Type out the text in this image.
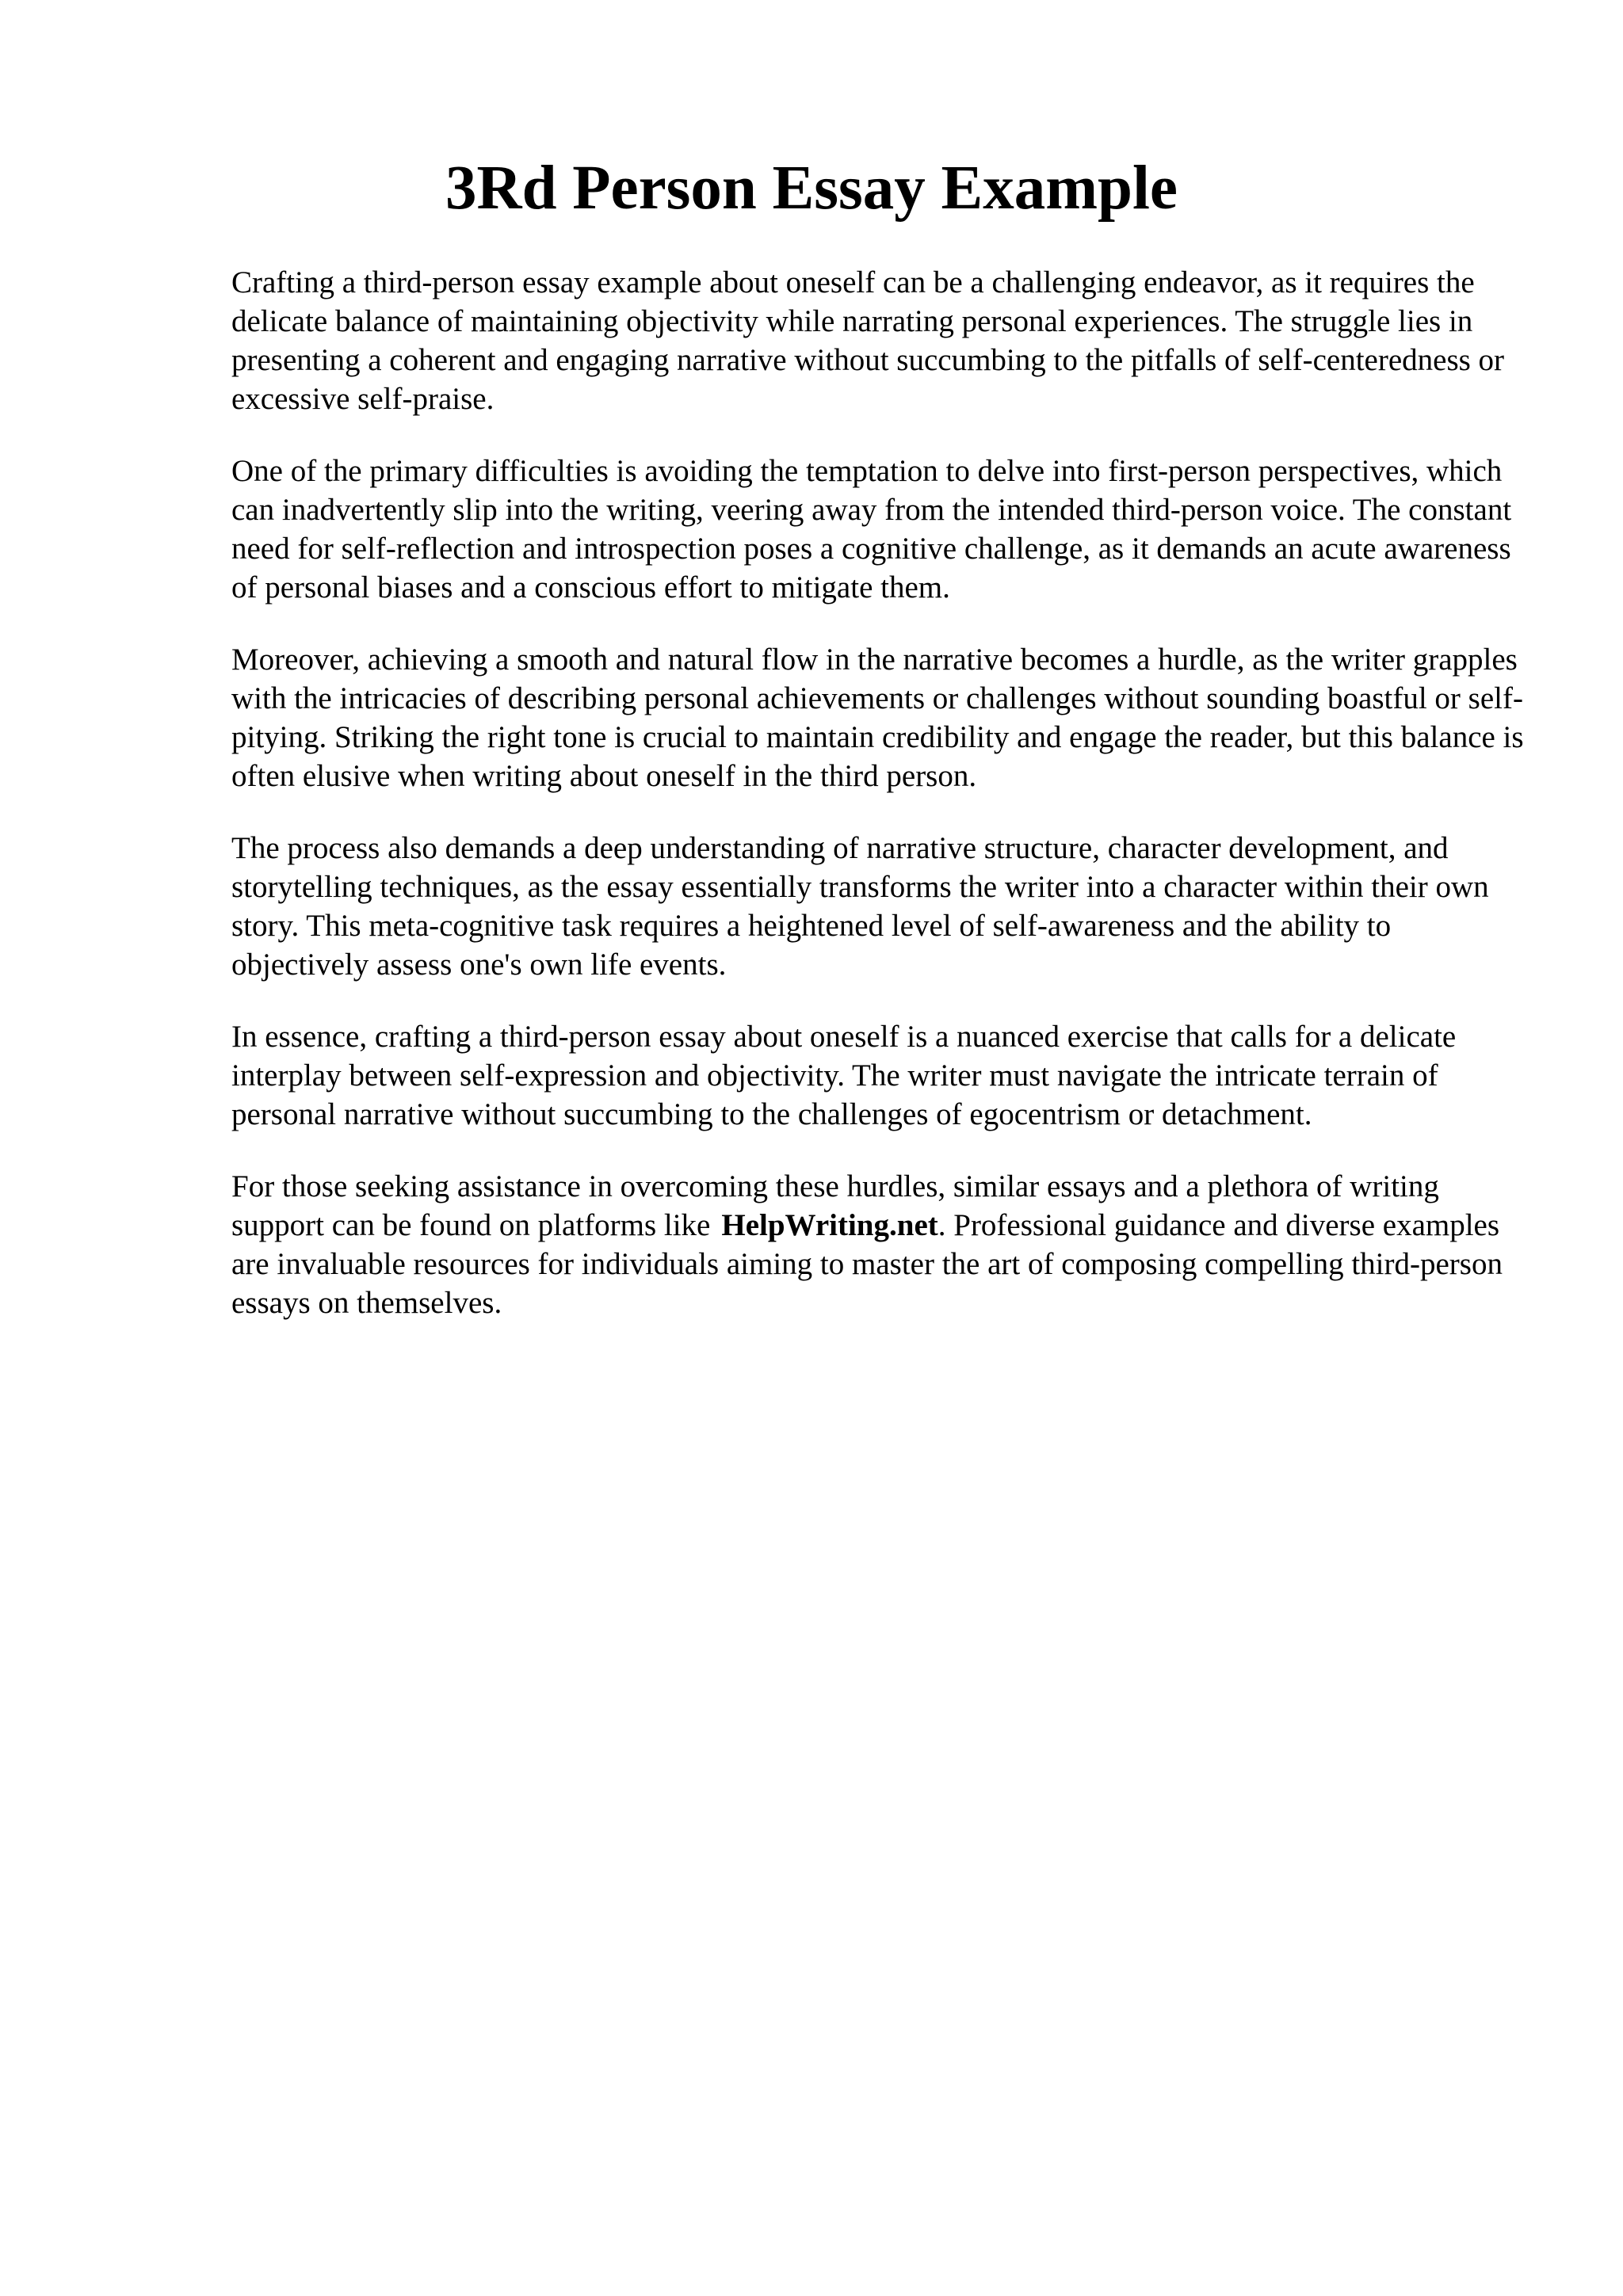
3Rd Person Essay Example

Crafting a third-person essay example about oneself can be a challenging endeavor, as it requires the delicate balance of maintaining objectivity while narrating personal experiences. The struggle lies in presenting a coherent and engaging narrative without succumbing to the pitfalls of self-centeredness or excessive self-praise.

One of the primary difficulties is avoiding the temptation to delve into first-person perspectives, which can inadvertently slip into the writing, veering away from the intended third-person voice. The constant need for self-reflection and introspection poses a cognitive challenge, as it demands an acute awareness of personal biases and a conscious effort to mitigate them.

Moreover, achieving a smooth and natural flow in the narrative becomes a hurdle, as the writer grapples with the intricacies of describing personal achievements or challenges without sounding boastful or self-pitying. Striking the right tone is crucial to maintain credibility and engage the reader, but this balance is often elusive when writing about oneself in the third person.

The process also demands a deep understanding of narrative structure, character development, and storytelling techniques, as the essay essentially transforms the writer into a character within their own story. This meta-cognitive task requires a heightened level of self-awareness and the ability to objectively assess one's own life events.

In essence, crafting a third-person essay about oneself is a nuanced exercise that calls for a delicate interplay between self-expression and objectivity. The writer must navigate the intricate terrain of personal narrative without succumbing to the challenges of egocentrism or detachment.

For those seeking assistance in overcoming these hurdles, similar essays and a plethora of writing support can be found on platforms like HelpWriting.net. Professional guidance and diverse examples are invaluable resources for individuals aiming to master the art of composing compelling third-person essays on themselves.
